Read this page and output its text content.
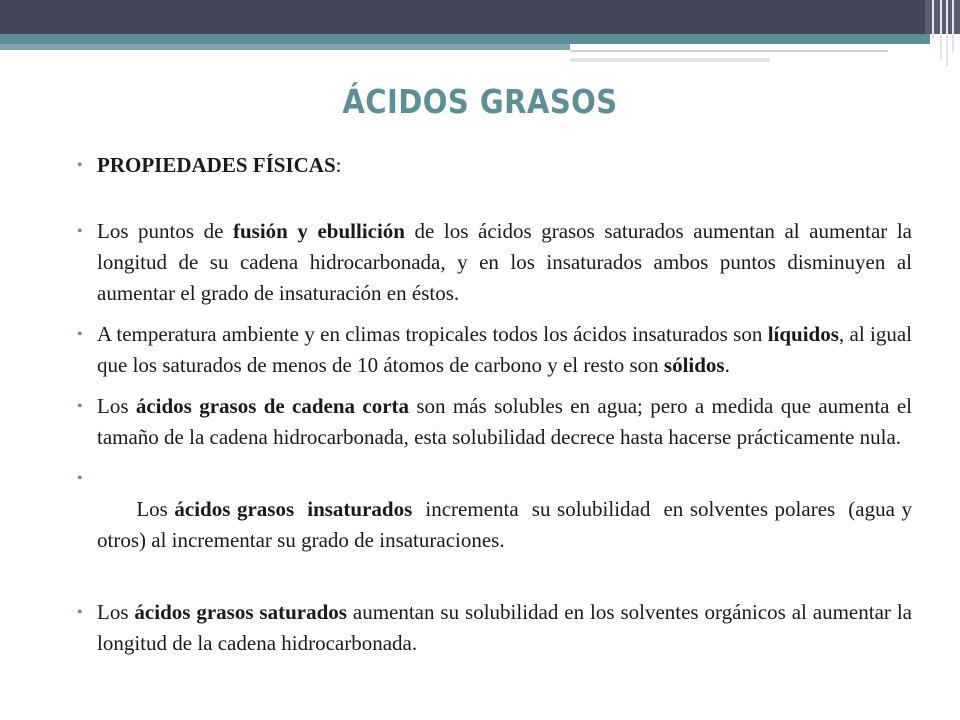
ÁCIDOS GRASOS
• PROPIEDADES FÍSICAS:
• Los puntos de fusión y ebullición de los ácidos grasos saturados aumentan al aumentar la longitud de su cadena hidrocarbonada, y en los insaturados ambos puntos disminuyen al aumentar el grado de insaturación en éstos.
• A temperatura ambiente y en climas tropicales todos los ácidos insaturados son líquidos, al igual que los saturados de menos de 10 átomos de carbono y el resto son sólidos.
• Los ácidos grasos de cadena corta son más solubles en agua; pero a medida que aumenta el tamaño de la cadena hidrocarbonada, esta solubilidad decrece hasta hacerse prácticamente nula.

•
Los ácidos grasos  insaturados  incrementa  su solubilidad  en solventes polares  (agua y otros) al incrementar su grado de insaturaciones.

• Los ácidos grasos saturados aumentan su solubilidad en los solventes orgánicos al aumentar la longitud de la cadena hidrocarbonada.
